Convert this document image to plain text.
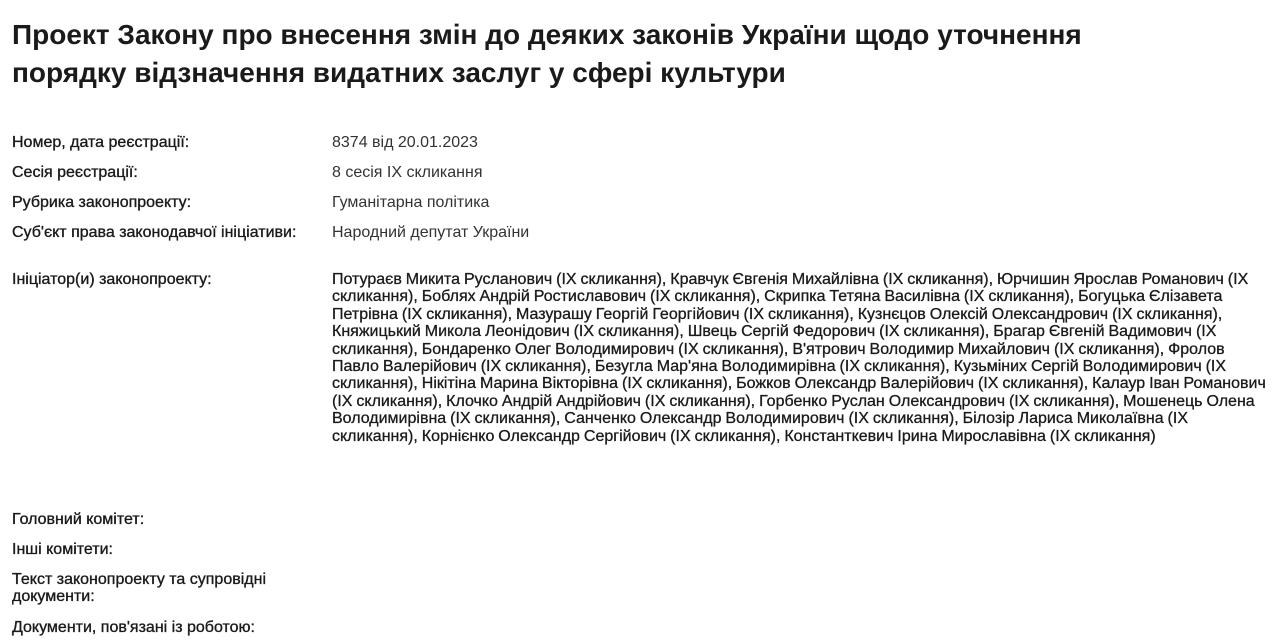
Проект Закону про внесення змін до деяких законів України щодо уточнення порядку відзначення видатних заслуг у сфері культури
Номер, дата реєстрації:	8374 від 20.01.2023
Сесія реєстрації:	8 сесія IX скликання
Рубрика законопроекту:	Гуманітарна політика
Суб'єкт права законодавчої ініціативи:	Народний депутат України
Ініціатор(и) законопроекту:	Потураєв Микита Русланович (IX скликання), Кравчук Євгенія Михайлівна (IX скликання), Юрчишин Ярослав Романович (IX скликання), Боблях Андрій Ростиславович (IX скликання), Скрипка Тетяна Василівна (IX скликання), Богуцька Єлізавета Петрівна (IX скликання), Мазурашу Георгій Георгійович (IX скликання), Кузнєцов Олексій Олександрович (IX скликання), Княжицький Микола Леонідович (IX скликання), Швець Сергій Федорович (IX скликання), Брагар Євгеній Вадимович (IX скликання), Бондаренко Олег Володимирович (IX скликання), В'ятрович Володимир Михайлович (IX скликання), Фролов Павло Валерійович (IX скликання), Безугла Мар'яна Володимирівна (IX скликання), Кузьміних Сергій Володимирович (IX скликання), Нікітіна Марина Вікторівна (IX скликання), Божков Олександр Валерійович (IX скликання), Калаур Іван Романович (IX скликання), Клочко Андрій Андрійович (IX скликання), Горбенко Руслан Олександрович (IX скликання), Мошенець Олена Володимирівна (IX скликання), Санченко Олександр Володимирович (IX скликання), Білозір Лариса Миколаївна (IX скликання), Корнієнко Олександр Сергійович (IX скликання), Константкевич Ірина Мирославівна (IX скликання)
Головний комітет:
Інші комітети:
Текст законопроекту та супровідні документи:
Документи, пов'язані із роботою:
